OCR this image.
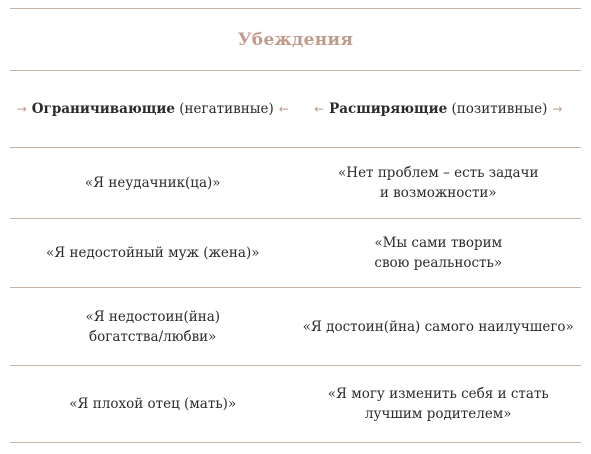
Убеждения
→ Ограничивающие
(негативные) ← ← Расширяющие
(позитивные) →
«Я неудачник(ца)»
«Нет проблем – есть задачи
и возможности»
«Я недостойный муж (жена)»
«Мы сами творим
свою реальность»
«Я недостоин(йна)
богатства/любви»
«Я достоин(йна) самого наилучшего»
«Я плохой отец (мать)»
«Я могу изменить себя и стать
лучшим родителем»
